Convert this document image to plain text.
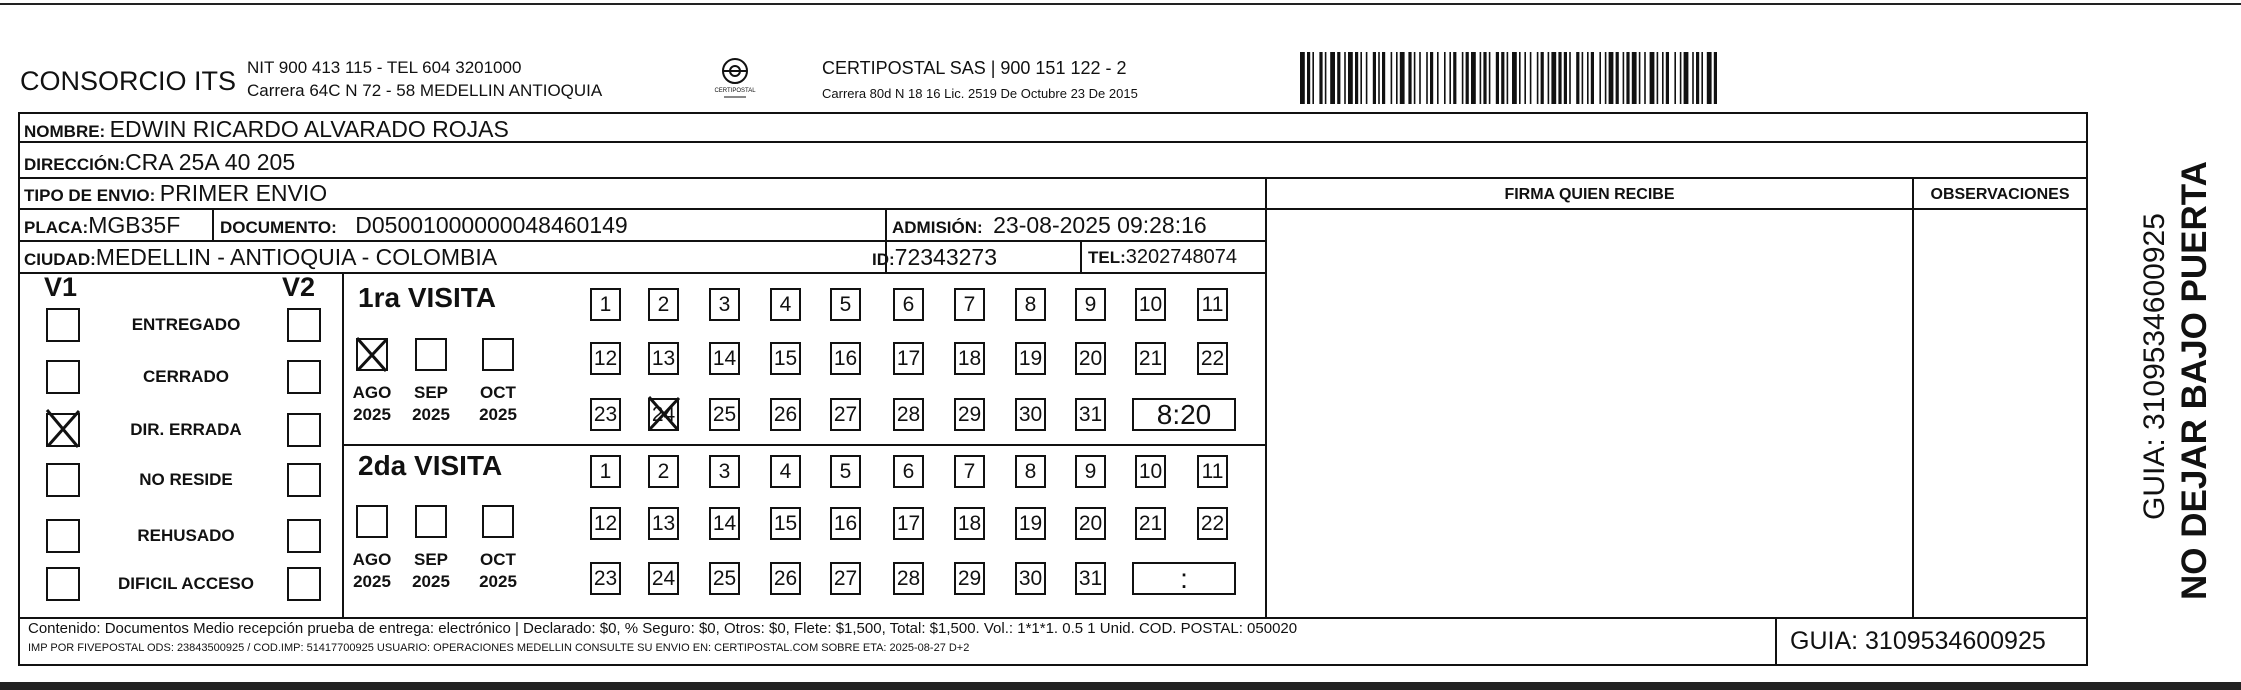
CONSORCIO ITS NIT 900 413 115 - TEL 604 3201000
Carrera 64C N 72 - 58 MEDELLIN ANTIOQUIA	CERTIPOSTAL
CERTIPOSTAL SAS | 900 151 122 - 2
Carrera 80d N 18 16 Lic. 2519 De Octubre 23 De 2015
NOMBRE: EDWIN RICARDO ALVARADO ROJAS
DIRECCIÓN:CRA 25A 40 205
TIPO DE ENVIO: PRIMER ENVIO	FIRMA QUIEN RECIBE	OBSERVACIONES
PLACA:MGB35F DOCUMENTO: D05001000000048460149	ADMISIÓN: 23-08-2025 09:28:16
CIUDAD:MEDELLIN - ANTIOQUIA - COLOMBIA	ID:72343273	TEL:3202748074
V1	V2 1ra VISITA
2da VISITA
Contenido: Documentos Medio recepción prueba de entrega: electrónico | Declarado: $0, % Seguro: $0, Otros: $0, Flete: $1,500, Total: $1,500. Vol.: 1*1*1. 0.5 1 Unid. COD. POSTAL: 050020
IMP POR FIVEPOSTAL ODS: 23843500925 / COD.IMP: 51417700925 USUARIO: OPERACIONES MEDELLIN CONSULTE SU ENVIO EN: CERTIPOSTAL.COM SOBRE ETA: 2025-08-27 D+2	GUIA: 3109534600925
NO DEJAR BAJO PUERTA
GUIA: 3109534600925
ENTREGADO
CERRADO
DIR. ERRADA
NO RESIDE
REHUSADO
DIFICIL ACCESO
AGO
2025
SEP
2025
OCT
2025
AGO
2025
SEP
2025
OCT
2025
1	2	3	4	5	6	7	8	9	10 11
12 13 14 15 16 17 18 19 20 21 22
23 24 25 26 27 28 29 30 31	8:20
1	2	3	4	5	6	7	8	9	10 11
12 13 14 15 16 17 18 19 20 21 22
23 24 25 26 27 28 29 30 31	:
